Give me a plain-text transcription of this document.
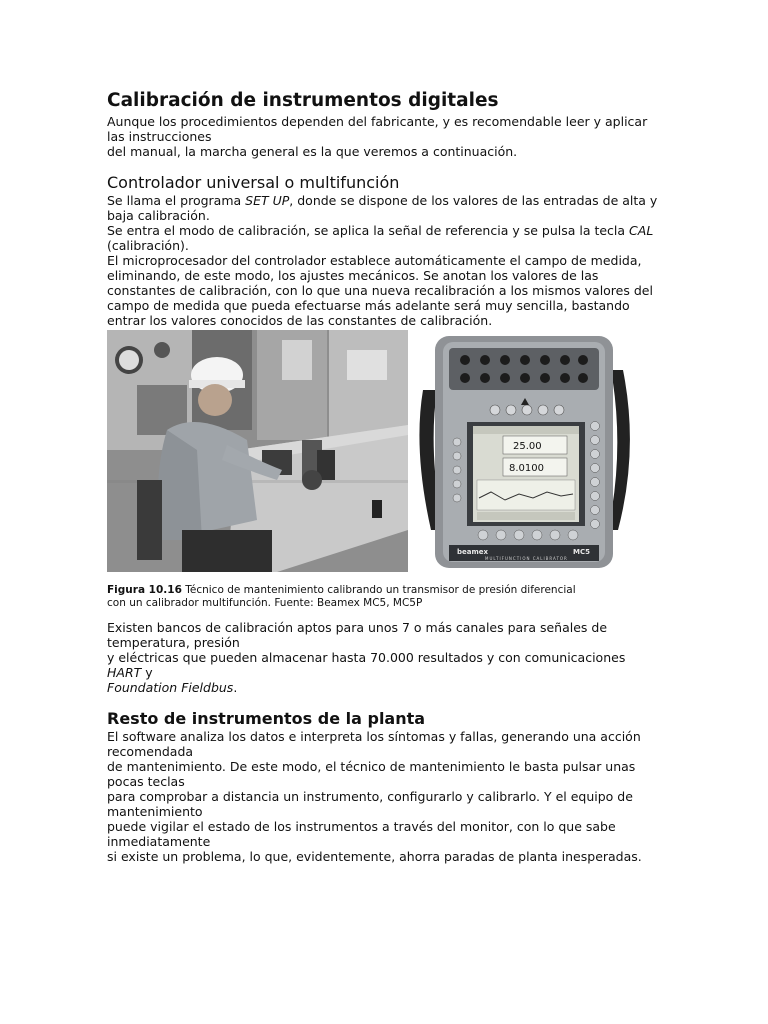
Calibración de instrumentos digitales

Aunque los procedimientos dependen del fabricante, y es recomendable leer y aplicar
las instrucciones
del manual, la marcha general es la que veremos a continuación.

Controlador universal o multifunción

Se llama el programa SET UP, donde se dispone de los valores de las entradas de alta y
baja calibración.
Se entra el modo de calibración, se aplica la señal de referencia y se pulsa la tecla CAL
(calibración).
El microprocesador del controlador establece automáticamente el campo de medida,
eliminando, de este modo, los ajustes mecánicos. Se anotan los valores de las
constantes de calibración, con lo que una nueva recalibración a los mismos valores del
campo de medida que pueda efectuarse más adelante será muy sencilla, bastando
entrar los valores conocidos de las constantes de calibración.

25.00
8.0100
beamex	MC5
MULTIFUNCTION CALIBRATOR

Figura 10.16 Técnico de mantenimiento calibrando un transmisor de presión diferencial
con un calibrador multifunción. Fuente: Beamex MC5, MC5P

Existen bancos de calibración aptos para unos 7 o más canales para señales de
temperatura, presión
y eléctricas que pueden almacenar hasta 70.000 resultados y con comunicaciones
HART y
Foundation Fieldbus.

Resto de instrumentos de la planta

El software analiza los datos e interpreta los síntomas y fallas, generando una acción
recomendada
de mantenimiento. De este modo, el técnico de mantenimiento le basta pulsar unas
pocas teclas
para comprobar a distancia un instrumento, configurarlo y calibrarlo. Y el equipo de
mantenimiento
puede vigilar el estado de los instrumentos a través del monitor, con lo que sabe
inmediatamente
si existe un problema, lo que, evidentemente, ahorra paradas de planta inesperadas.
